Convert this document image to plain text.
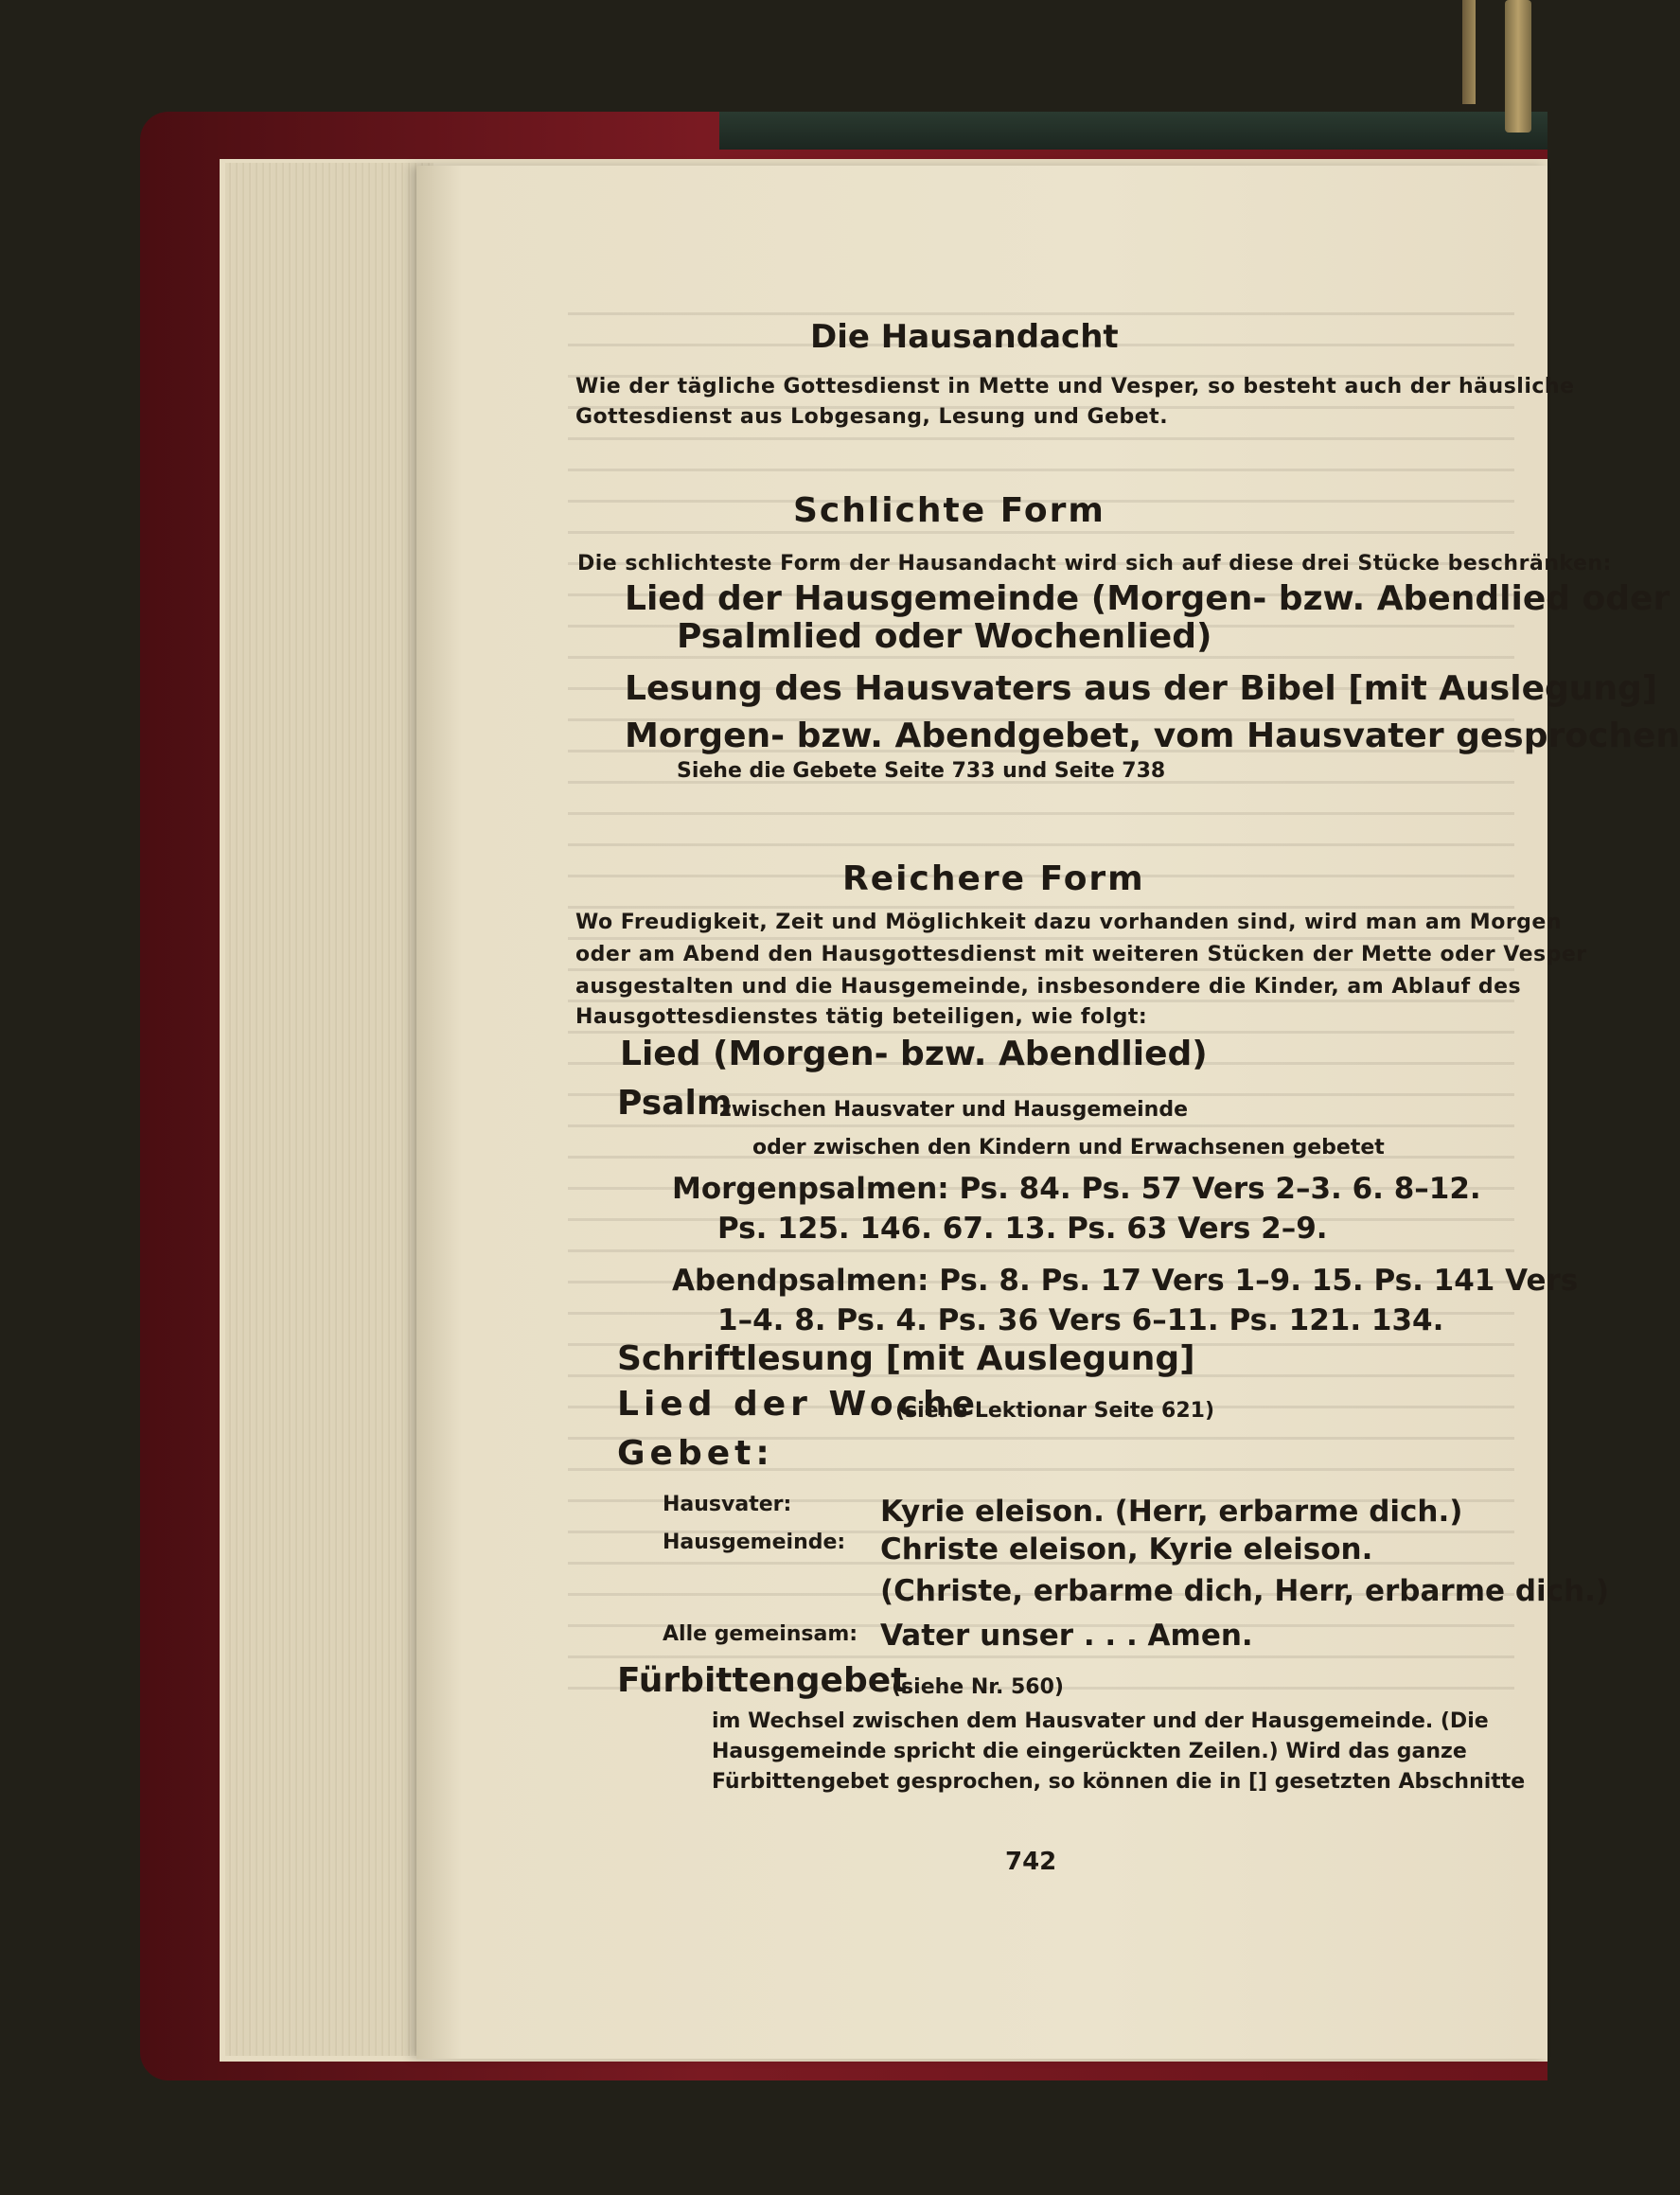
Die Hausandacht
Wie der tägliche Gottesdienst in Mette und Vesper, so besteht auch der häusliche
Gottesdienst aus Lobgesang, Lesung und Gebet.
Schlichte Form
Die schlichteste Form der Hausandacht wird sich auf diese drei Stücke beschränken:
Lied der Hausgemeinde (Morgen- bzw. Abendlied oder
Psalmlied oder Wochenlied)
Lesung des Hausvaters aus der Bibel [mit Auslegung]
Morgen- bzw. Abendgebet, vom Hausvater gesprochen
Siehe die Gebete Seite 733 und Seite 738
Reichere Form
Wo Freudigkeit, Zeit und Möglichkeit dazu vorhanden sind, wird man am Morgen
oder am Abend den Hausgottesdienst mit weiteren Stücken der Mette oder Vesper
ausgestalten und die Hausgemeinde, insbesondere die Kinder, am Ablauf des
Hausgottesdienstes tätig beteiligen, wie folgt:
Lied (Morgen- bzw. Abendlied)
Psalm
zwischen Hausvater und Hausgemeinde
oder zwischen den Kindern und Erwachsenen gebetet
Morgenpsalmen: Ps. 84. Ps. 57 Vers 2–3. 6. 8–12.
Ps. 125. 146. 67. 13. Ps. 63 Vers 2–9.
Abendpsalmen: Ps. 8. Ps. 17 Vers 1–9. 15. Ps. 141 Vers
1–4. 8. Ps. 4. Ps. 36 Vers 6–11. Ps. 121. 134.
Schriftlesung [mit Auslegung]
Lied der Woche
(siehe Lektionar Seite 621)
Gebet:
Hausvater:	Kyrie eleison. (Herr, erbarme dich.)
Hausgemeinde: Christe eleison, Kyrie eleison.
(Christe, erbarme dich, Herr, erbarme dich.)
Alle gemeinsam: Vater unser . . . Amen.
Fürbittengebet
(siehe Nr. 560)
im Wechsel zwischen dem Hausvater und der Hausgemeinde. (Die
Hausgemeinde spricht die eingerückten Zeilen.) Wird das ganze
Fürbittengebet gesprochen, so können die in [] gesetzten Abschnitte
742
